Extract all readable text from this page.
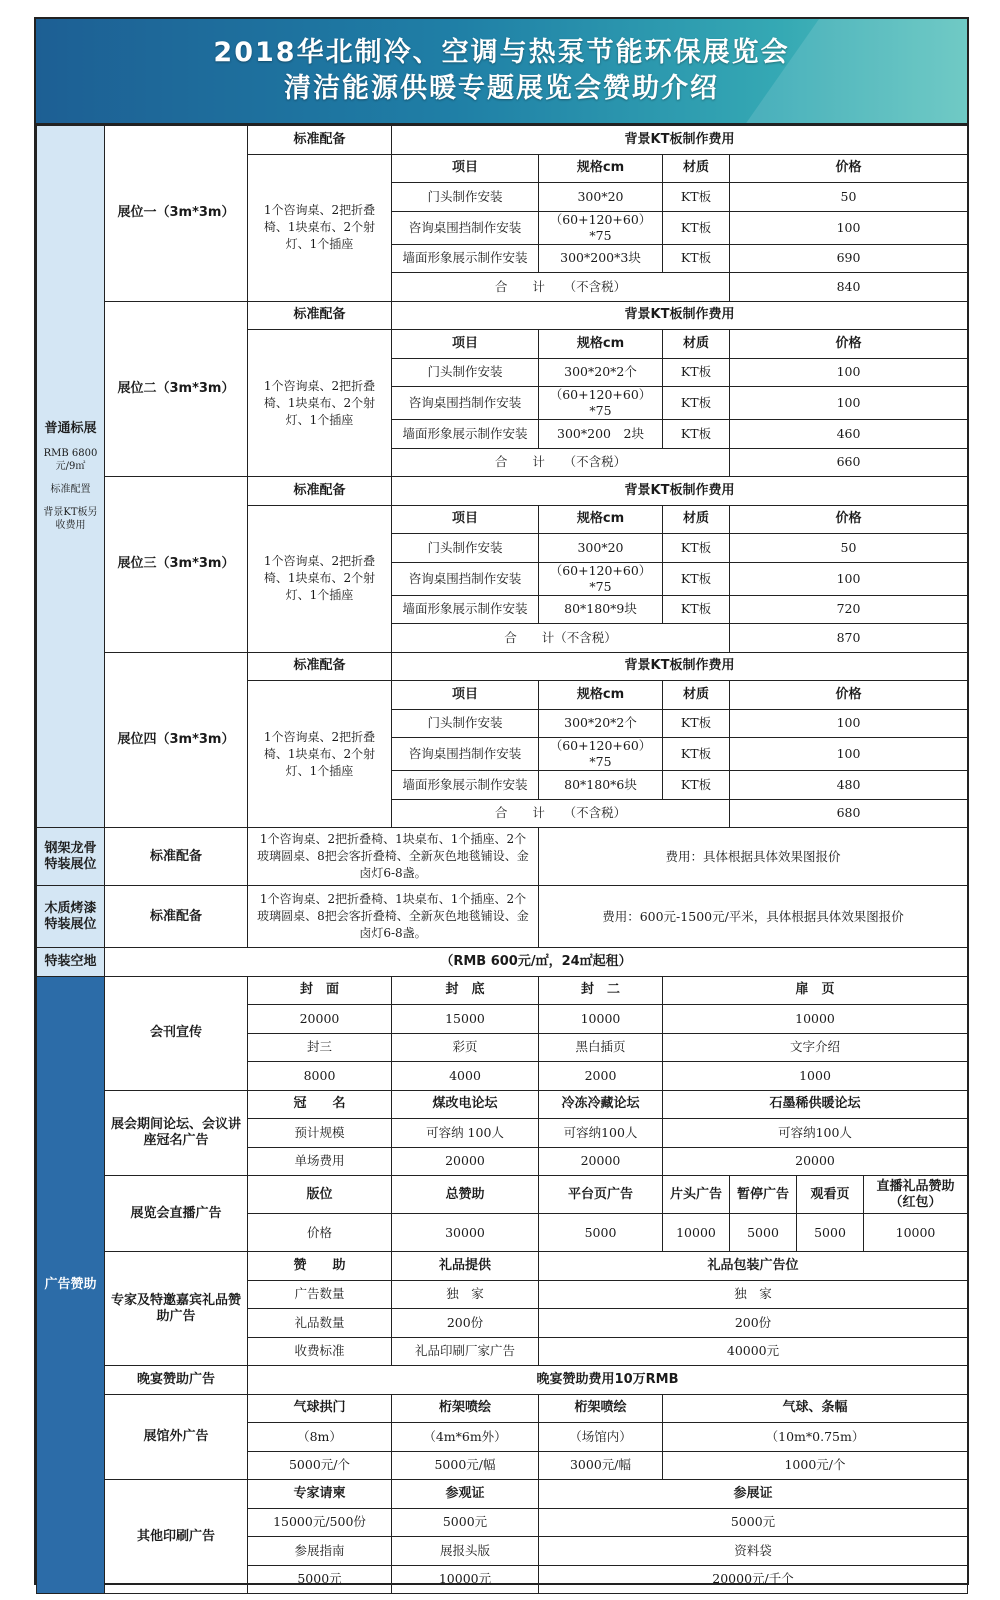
2018华北制冷、空调与热泵节能环保展览会
清洁能源供暖专题展览会赞助介绍
普通标展
RMB 6800元/9㎡
标准配置
背景KT板另收费用	展位一（3m*3m）	标准配备	背景KT板制作费用					
		1个咨询桌、2把折叠椅、1块桌布、2个射灯、1个插座	项目	规格cm	材质	价格		
			门头制作安装	300*20	KT板	50		
			咨询桌围挡制作安装	（60+120+60）*75	KT板	100		
			墙面形象展示制作安装	300*200*3块	KT板	690		
			合　　计　　（不含税）			840		
	展位二（3m*3m）	标准配备	背景KT板制作费用					
		1个咨询桌、2把折叠椅、1块桌布、2个射灯、1个插座	项目	规格cm	材质	价格		
			门头制作安装	300*20*2个	KT板	100		
			咨询桌围挡制作安装	（60+120+60）*75	KT板	100		
			墙面形象展示制作安装	300*200　2块	KT板	460		
			合　　计　　（不含税）			660		
	展位三（3m*3m）	标准配备	背景KT板制作费用					
		1个咨询桌、2把折叠椅、1块桌布、2个射灯、1个插座	项目	规格cm	材质	价格		
			门头制作安装	300*20	KT板	50		
			咨询桌围挡制作安装	（60+120+60）*75	KT板	100		
			墙面形象展示制作安装	80*180*9块	KT板	720		
			合　　计（不含税）			870		
	展位四（3m*3m）	标准配备	背景KT板制作费用					
		1个咨询桌、2把折叠椅、1块桌布、2个射灯、1个插座	项目	规格cm	材质	价格		
			门头制作安装	300*20*2个	KT板	100		
			咨询桌围挡制作安装	（60+120+60）*75	KT板	100		
			墙面形象展示制作安装	80*180*6块	KT板	480		
			合　　计　　（不含税）			680		
钢架龙骨特装展位	标准配备	1个咨询桌、2把折叠椅、1块桌布、1个插座、2个玻璃圆桌、8把会客折叠椅、全新灰色地毯铺设、金卤灯6-8盏。		费用：具体根据具体效果图报价				
木质烤漆特装展位	标准配备	1个咨询桌、2把折叠椅、1块桌布、1个插座、2个玻璃圆桌、8把会客折叠椅、全新灰色地毯铺设、金卤灯6-8盏。		费用：600元-1500元/平米，具体根据具体效果图报价				
特装空地	（RMB 600元/㎡，24㎡起租）							
广告赞助	会刊宣传	封　面	封　底	封　二	扉　页			
		20000	15000	10000	10000			
		封三	彩页	黑白插页	文字介绍			
		8000	4000	2000	1000			
	展会期间论坛、会议讲座冠名广告	冠　　名	煤改电论坛	冷冻冷藏论坛	石墨稀供暖论坛			
		预计规模	可容纳 100人	可容纳100人	可容纳100人			
		单场费用	20000	20000	20000			
	展览会直播广告	版位	总赞助	平台页广告	片头广告	暂停广告	观看页	直播礼品赞助（红包）
		价格	30000	5000	10000	5000	5000	10000
	专家及特邀嘉宾礼品赞助广告	赞　　助	礼品提供	礼品包装广告位				
		广告数量	独　家	独　家				
		礼品数量	200份	200份				
		收费标准	礼品印刷厂家广告	40000元				
	晚宴赞助广告	晚宴赞助费用10万RMB						
	展馆外广告	气球拱门	桁架喷绘	桁架喷绘	气球、条幅			
		（8m）	（4m*6m外）	（场馆内）	（10m*0.75m）			
		5000元/个	5000元/幅	3000元/幅	1000元/个			
	其他印刷广告	专家请柬	参观证	参展证				
		15000元/500份	5000元	5000元				
		参展指南	展报头版	资料袋				
		5000元	10000元	20000元/千个				
